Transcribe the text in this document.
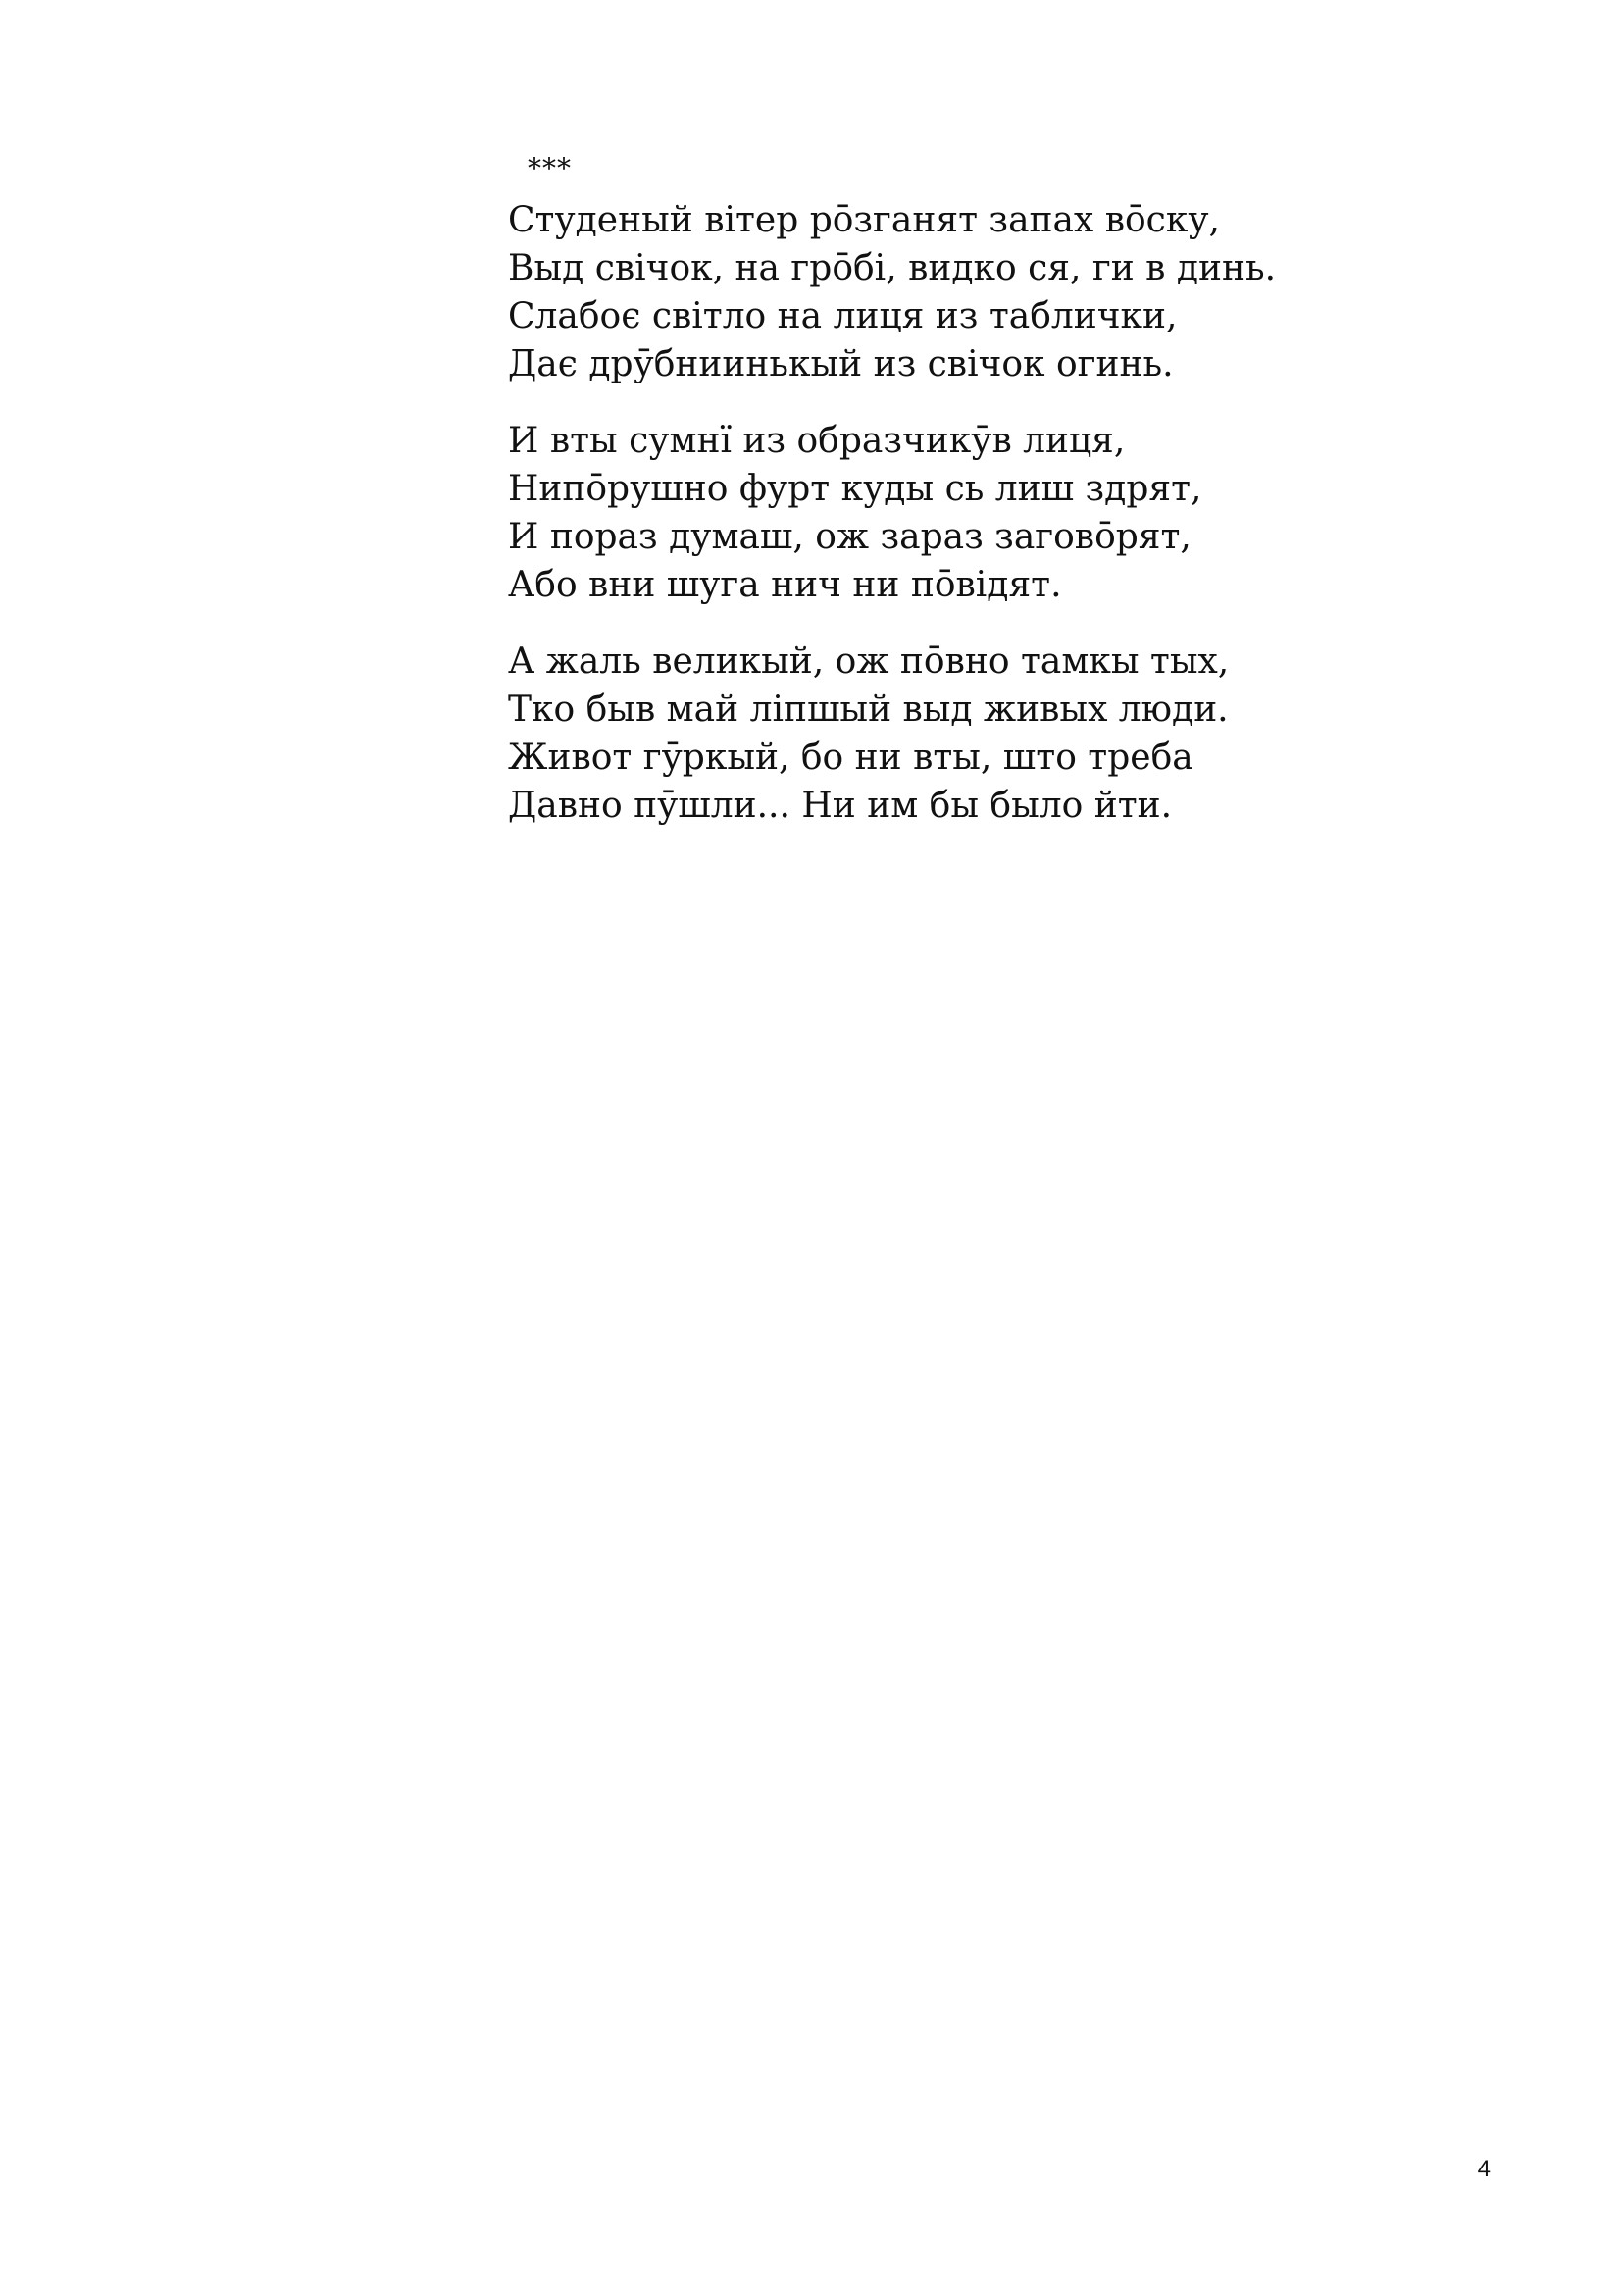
***
Студеный вітер рōзганят запах вōску,
Выд свічок, на грōбі, видко ся, ги в динь.
Слабоє світло на лиця из таблички,
Дає дрӯбниинькый из свічок огинь.
И вты сумнї из образчикӯв лиця,
Нипōрушно фурт куды сь лиш здрят,
И пораз думаш, ож зараз заговōрят,
Або вни шуга нич ни пōвідят.
А жаль великый, ож пōвно тамкы тых,
Тко быв май ліпшый выд живых люди.
Живот гӯркый, бо ни вты, што треба
Давно пӯшли... Ни им бы было йти.
4
